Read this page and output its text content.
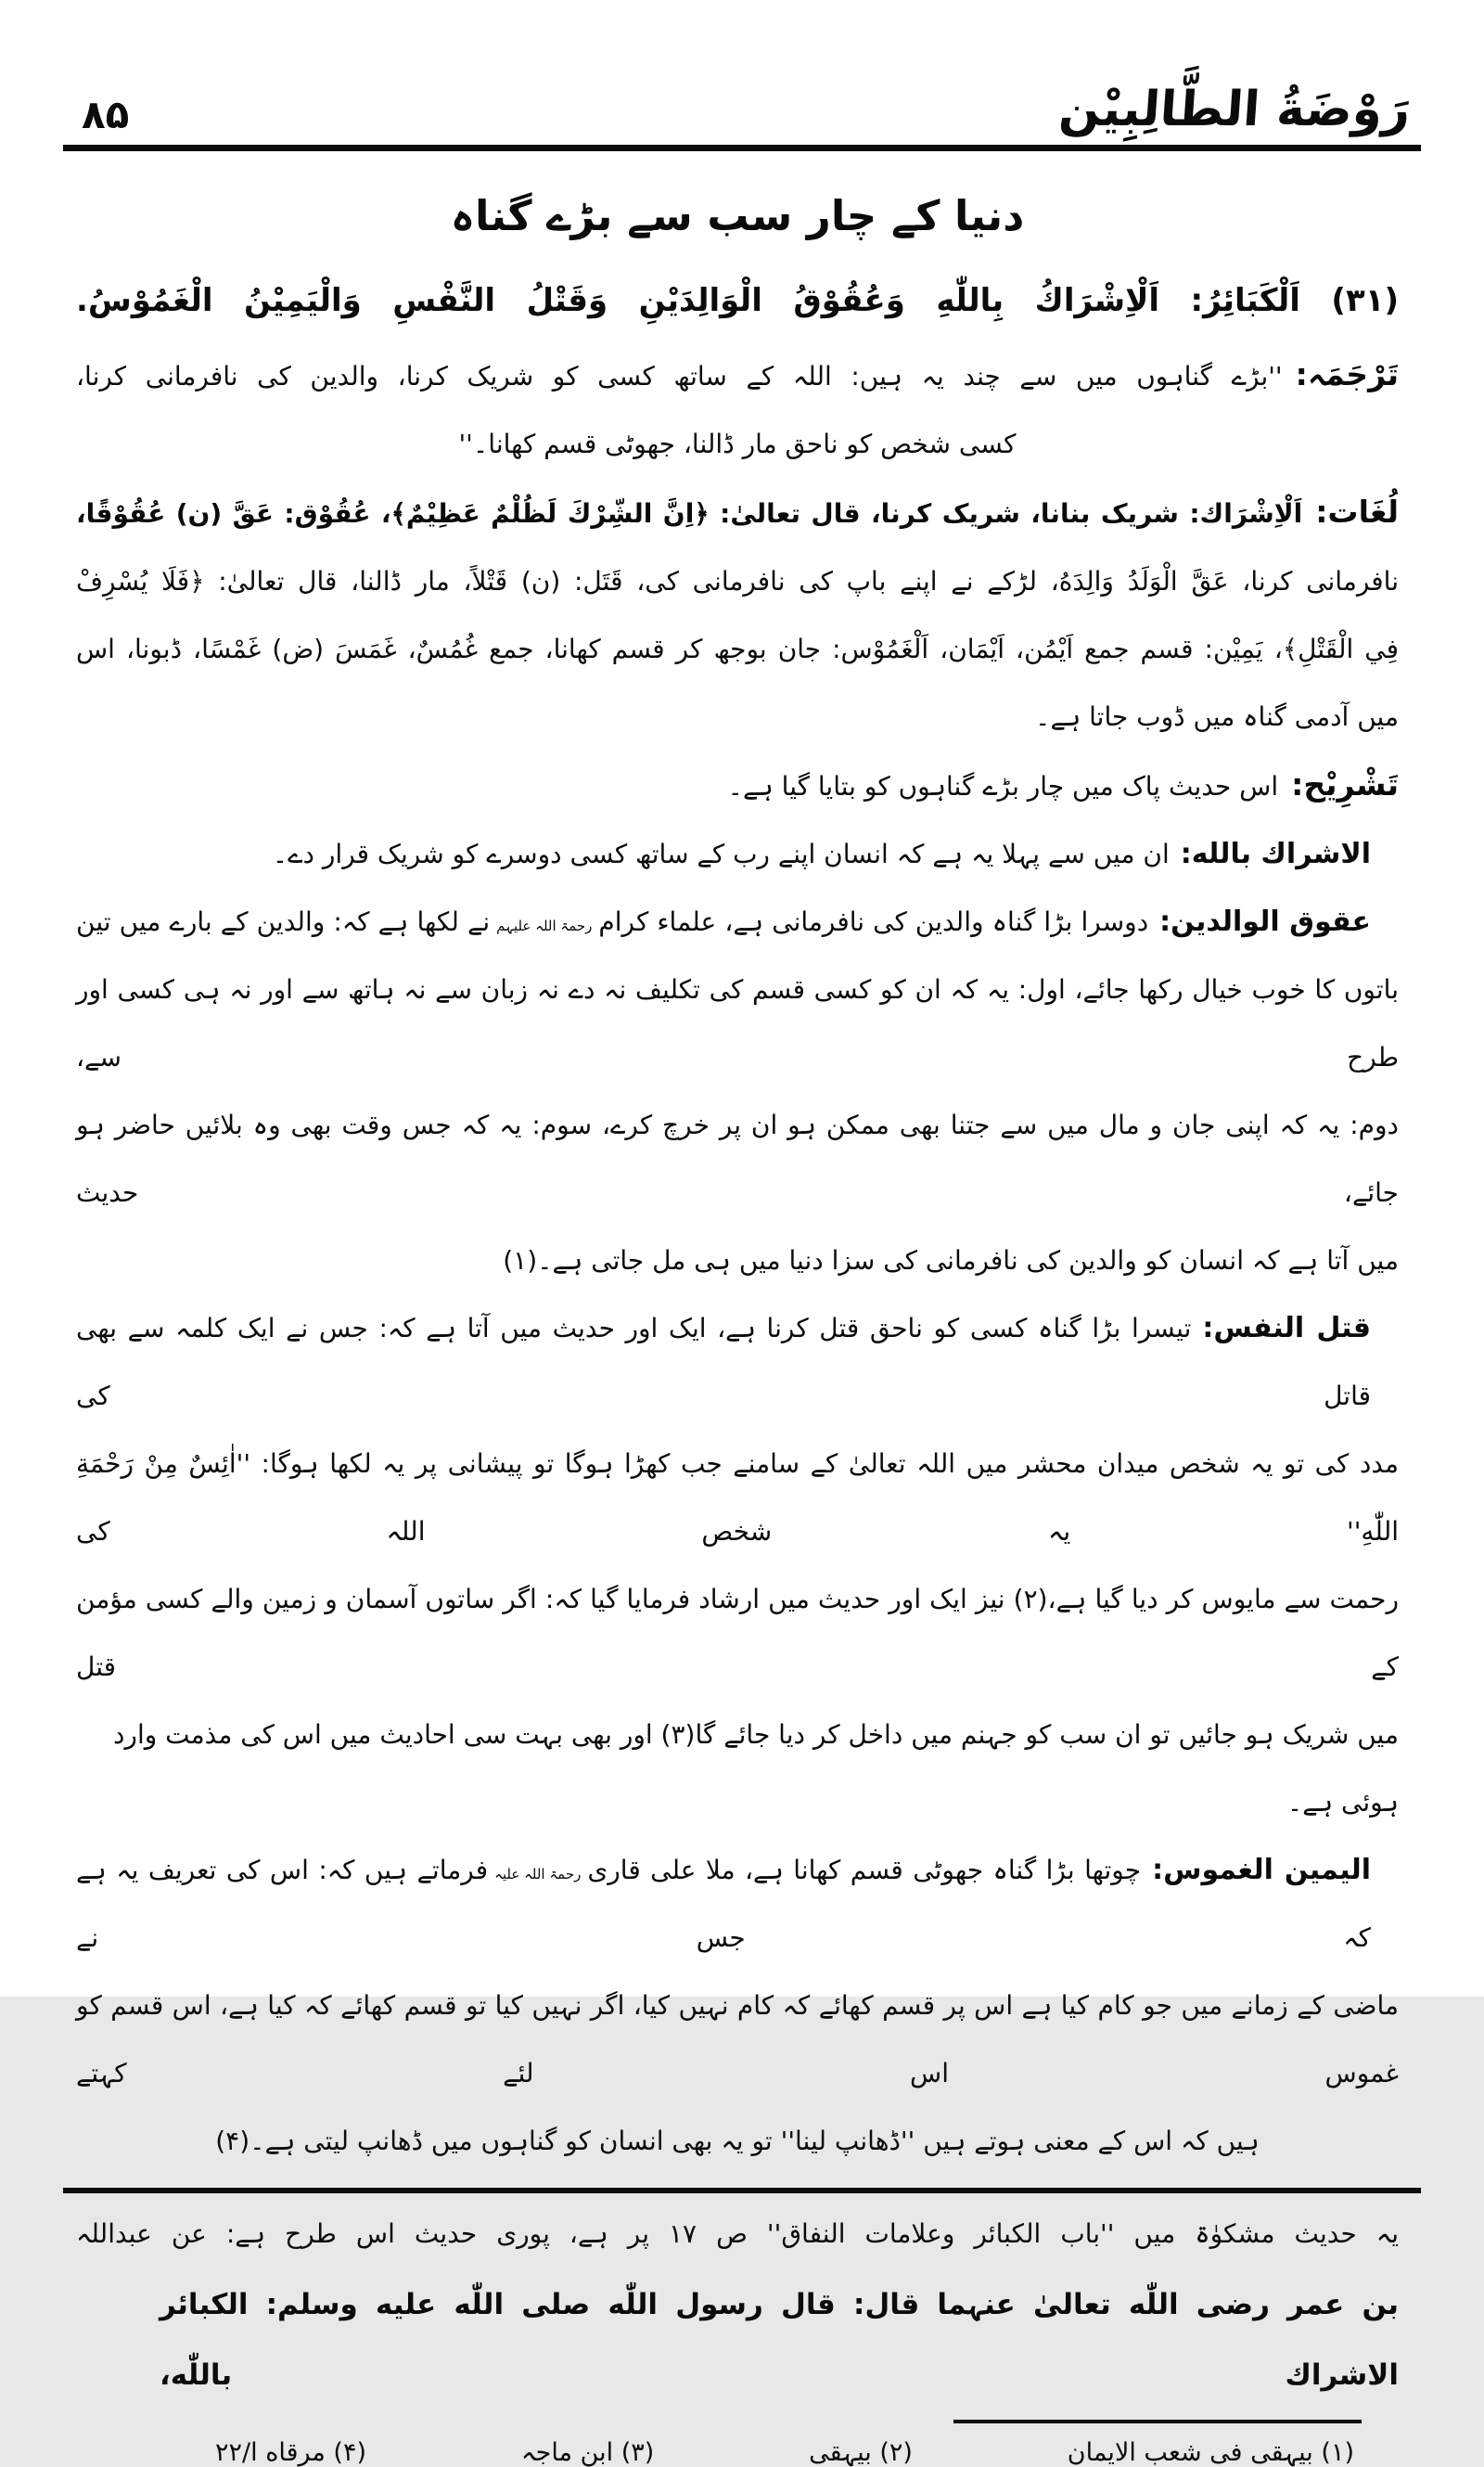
رَوْضَةُ الطَّالِبِيْن
۸۵
دنیا کے چار سب سے بڑے گناہ

(۳۱) اَلْكَبَائِرُ: اَلْاِشْرَاكُ بِاللّٰهِ وَعُقُوْقُ الْوَالِدَيْنِ وَقَتْلُ النَّفْسِ وَالْيَمِيْنُ الْغَمُوْسُ.

تَرْجَمَہ:''بڑے گناہوں میں سے چند یہ ہیں: اللہ کے ساتھ کسی کو شریک کرنا، والدین کی نافرمانی کرنا،

کسی شخص کو ناحق مار ڈالنا، جھوٹی قسم کھانا۔''

لُغَات:اَلْاِشْرَاك: شریک بنانا، شریک کرنا، قال تعالیٰ: ﴿اِنَّ الشِّرْكَ لَظُلْمٌ عَظِيْمٌ﴾، عُقُوْق: عَقَّ (ن) عُقُوْقًا،

نافرمانی کرنا، عَقَّ الْوَلَدُ وَالِدَهُ، لڑکے نے اپنے باپ کی نافرمانی کی، قَتَل: (ن) قَتْلاً، مار ڈالنا، قال تعالیٰ: ﴿فَلَا يُسْرِفْ

فِي الْقَتْلِ﴾، يَمِيْن: قسم جمع اَيْمُن، اَيْمَان، اَلْغَمُوْس: جان بوجھ کر قسم کھانا، جمع غُمُسٌ، غَمَسَ (ض) غَمْسًا، ڈبونا، اس

میں آدمی گناہ میں ڈوب جاتا ہے۔

تَشْرِيْح:اس حدیث پاک میں چار بڑے گناہوں کو بتایا گیا ہے۔

الاشراك بالله:ان میں سے پہلا یہ ہے کہ انسان اپنے رب کے ساتھ کسی دوسرے کو شریک قرار دے۔

عقوق الوالدين:دوسرا بڑا گناہ والدین کی نافرمانی ہے، علماء کرامرحمۃ اللہ علیہمنے لکھا ہے کہ: والدین کے بارے میں تین

باتوں کا خوب خیال رکھا جائے، اول: یہ کہ ان کو کسی قسم کی تکلیف نہ دے نہ زبان سے نہ ہاتھ سے اور نہ ہی کسی اور طرح سے،

دوم: یہ کہ اپنی جان و مال میں سے جتنا بھی ممکن ہو ان پر خرچ کرے، سوم: یہ کہ جس وقت بھی وہ بلائیں حاضر ہو جائے، حدیث

میں آتا ہے کہ انسان کو والدین کی نافرمانی کی سزا دنیا میں ہی مل جاتی ہے۔(۱)

قتل النفس:تیسرا بڑا گناہ کسی کو ناحق قتل کرنا ہے، ایک اور حدیث میں آتا ہے کہ: جس نے ایک کلمہ سے بھی قاتل کی

مدد کی تو یہ شخص میدان محشر میں اللہ تعالیٰ کے سامنے جب کھڑا ہوگا تو پیشانی پر یہ لکھا ہوگا: ''اٰئِسٌ مِنْ رَحْمَةِ اللّٰهِ'' یہ شخص اللہ کی

رحمت سے مایوس کر دیا گیا ہے،(۲) نیز ایک اور حدیث میں ارشاد فرمایا گیا کہ: اگر ساتوں آسمان و زمین والے کسی مؤمن کے قتل

میں شریک ہو جائیں تو ان سب کو جہنم میں داخل کر دیا جائے گا(۳) اور بھی بہت سی احادیث میں اس کی مذمت وارد ہوئی ہے۔

الیمین الغموس:چوتھا بڑا گناہ جھوٹی قسم کھانا ہے، ملا علی قاریرحمۃ اللہ علیہفرماتے ہیں کہ: اس کی تعریف یہ ہے کہ جس نے

ماضی کے زمانے میں جو کام کیا ہے اس پر قسم کھائے کہ کام نہیں کیا، اگر نہیں کیا تو قسم کھائے کہ کیا ہے، اس قسم کو غموس اس لئے کہتے

ہیں کہ اس کے معنی ہوتے ہیں ''ڈھانپ لینا'' تو یہ بھی انسان کو گناہوں میں ڈھانپ لیتی ہے۔(۴)

یہ حدیث مشکوٰۃ میں ''باب الکبائر وعلامات النفاق'' ص ۱۷ پر ہے، پوری حدیث اس طرح ہے: عن عبداللہ

بن عمر رضی اللّٰه تعالیٰ عنہما قال: قال رسول اللّٰه صلی اللّٰه علیه وسلم: الکبائر الاشراك باللّٰه،

(۱) بیہقی فی شعب الایمان
(۲) بیہقی
(۳) ابن ماجہ
(۴) مرقاه ا/۲۲
